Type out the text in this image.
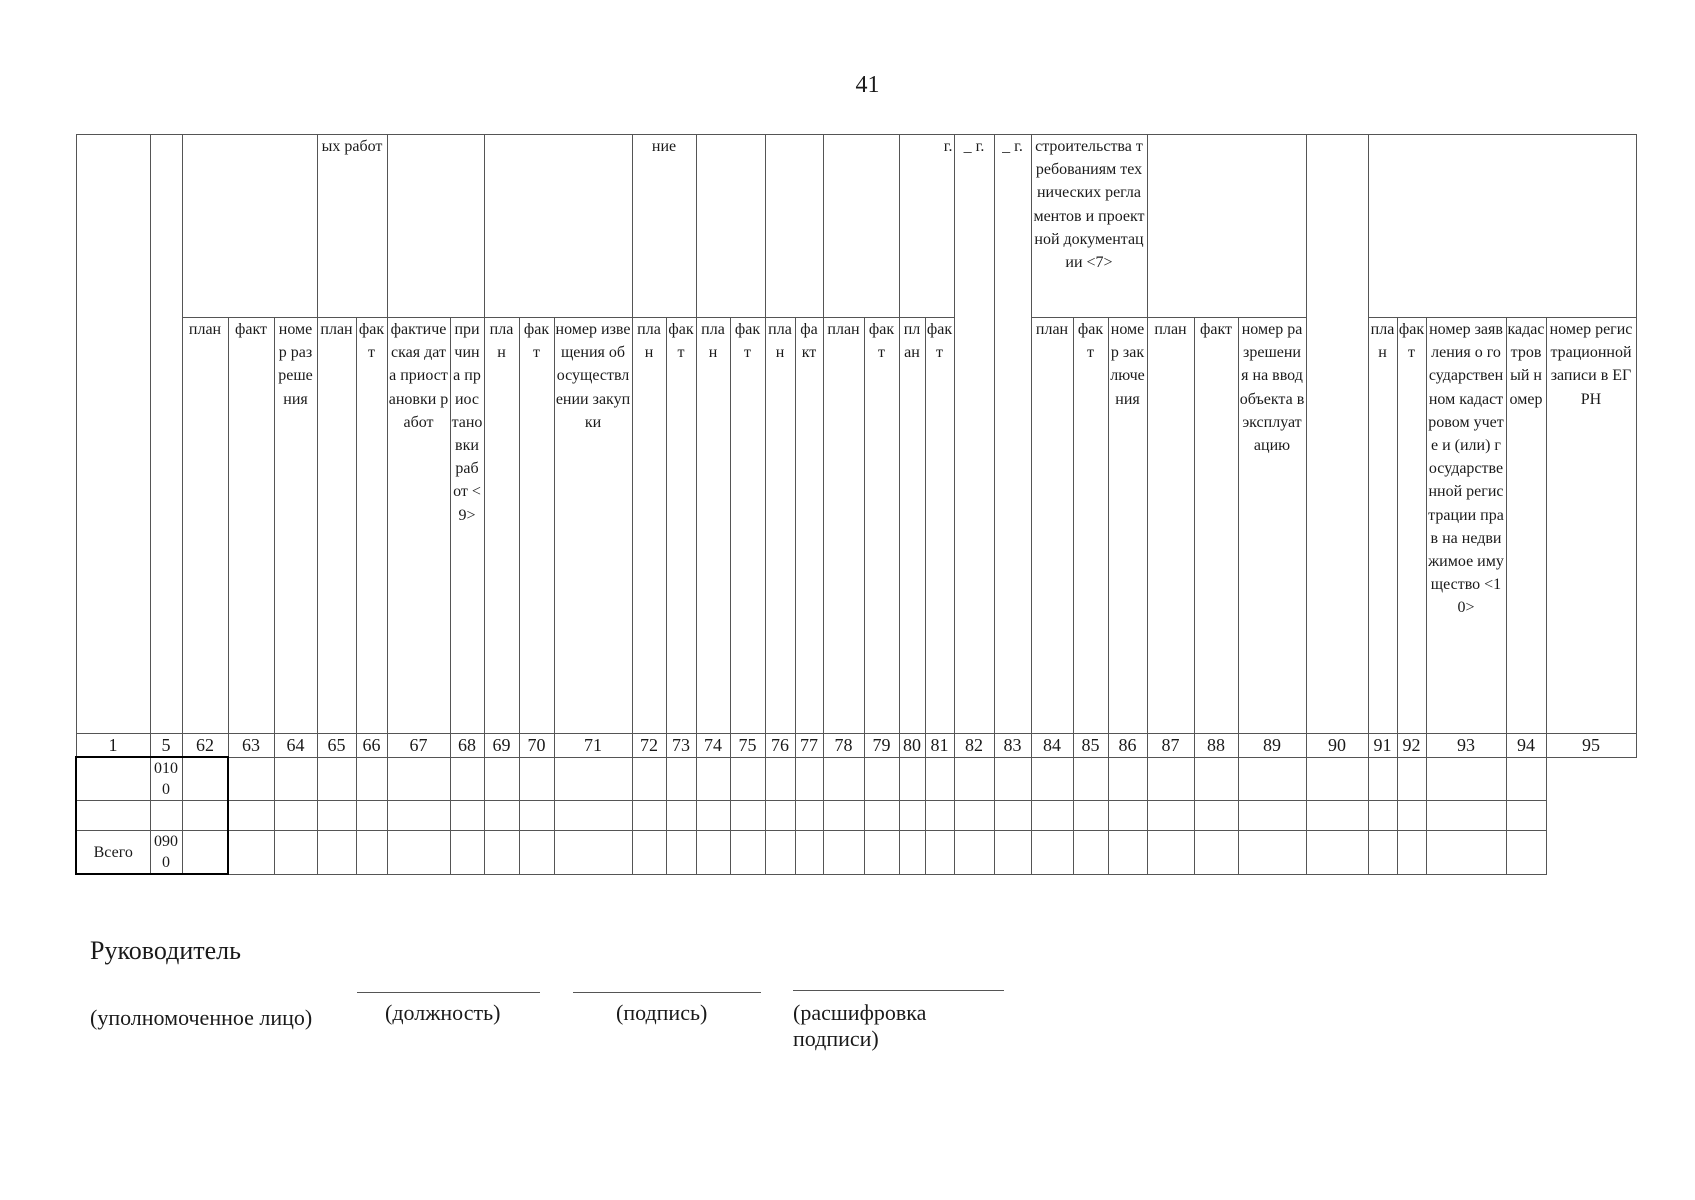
41
					ых работ							ние								г.		_ г.	_ г.	строительства требованиям технических регламентов и проектной документации <7>											
		план	факт	номер разрешения	план	факт	фактическая дата приостановки работ	причина приостановки работ <9>	план	факт	номер извещения об осуществлении закупки	план	факт	план	факт	план	факт	план	факт	план	факт			план	факт	номер заключения	план	факт	номер разрешения на ввод объекта в эксплуатацию		план	факт	номер заявления о государственном кадастровом учете и (или) государственной регистрации прав на недвижимое имущество <10>	кадастровый номер	номер регистрационной записи в ЕГРН
1	5	62	63	64	65	66	67	68	69	70	71	72	73	74	75	76	77	78	79	80	81	82	83	84	85	86	87	88	89	90	91	92	93	94	95
	0100																																		

Всего	0900																																		
Руководитель
(уполномоченное лицо)	(должность)	(подпись)	(расшифровка подписи)
